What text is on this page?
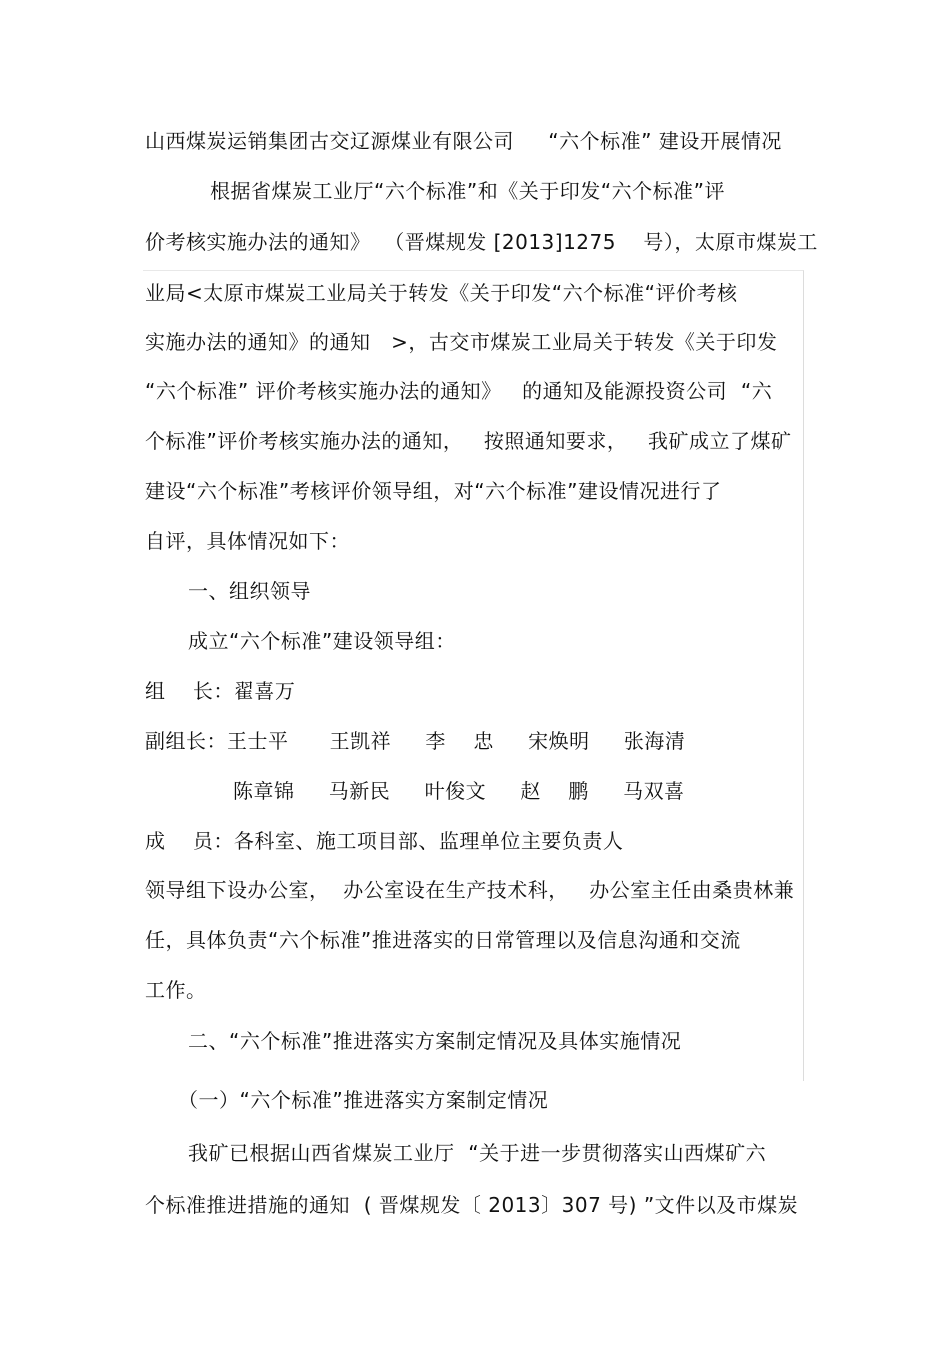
山西煤炭运销集团古交辽源煤业有限公司     “六个标准” 建设开展情况
根据省煤炭工业厅“六个标准”和《关于印发“六个标准”评
价考核实施办法的通知》  （晋煤规发 [2013]1275    号），太原市煤炭工
业局<太原市煤炭工业局关于转发《关于印发“六个标准“评价考核
实施办法的通知》的通知   >，古交市煤炭工业局关于转发《关于印发
“六个标准” 评价考核实施办法的通知》   的通知及能源投资公司  “六
个标准”评价考核实施办法的通知，   按照通知要求，   我矿成立了煤矿
建设“六个标准”考核评价领导组，对“六个标准”建设情况进行了
自评，具体情况如下：
一、组织领导
成立“六个标准”建设领导组：
组    长：翟喜万
副组长：王士平      王凯祥     李    忠     宋焕明     张海清
陈章锦     马新民     叶俊文     赵    鹏     马双喜
成    员：各科室、施工项目部、监理单位主要负责人
领导组下设办公室，  办公室设在生产技术科，   办公室主任由桑贵林兼
任，具体负责“六个标准”推进落实的日常管理以及信息沟通和交流
工作。
二、“六个标准”推进落实方案制定情况及具体实施情况
（一）“六个标准”推进落实方案制定情况
我矿已根据山西省煤炭工业厅  “关于进一步贯彻落实山西煤矿六
个标准推进措施的通知  ( 晋煤规发〔 2013〕307 号) ”文件以及市煤炭
